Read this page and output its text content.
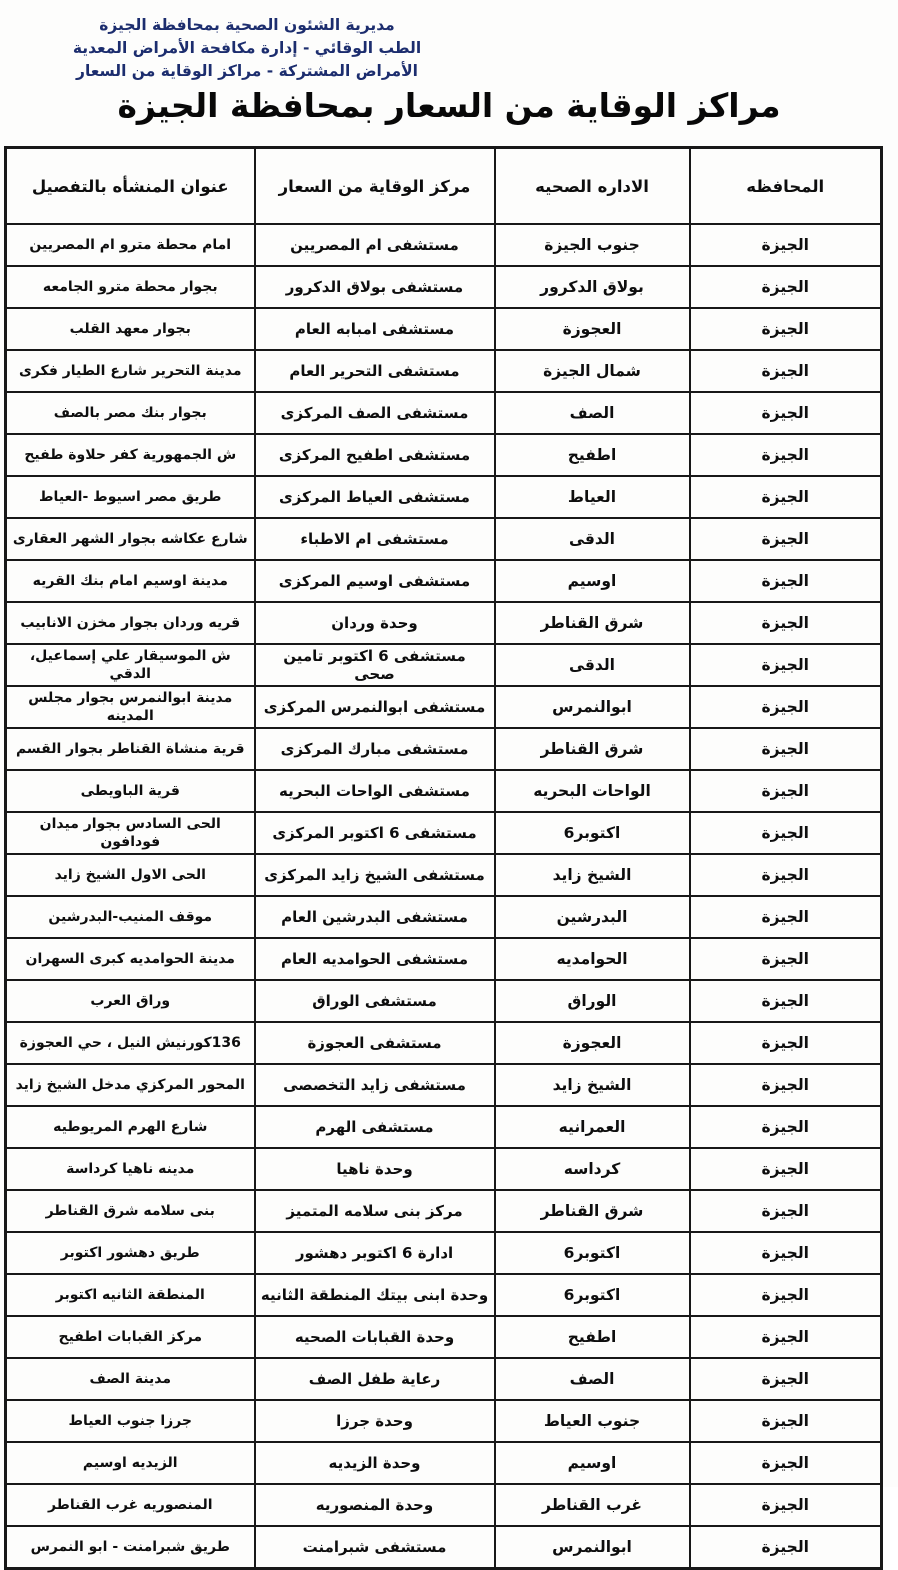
مديرية الشئون الصحية بمحافظة الجيزة
الطب الوقائي - إدارة مكافحة الأمراض المعدية
الأمراض المشتركة - مراكز الوقاية من السعار
مراكز الوقاية من السعار بمحافظة الجيزة
المحافظه	الاداره الصحيه	مركز الوقاية من السعار	عنوان المنشأه بالتفصيل
الجيزة	جنوب الجيزة	مستشفى ام المصريين	امام محطة مترو ام المصريين
الجيزة	بولاق الدكرور	مستشفى بولاق الدكرور	بجوار محطة مترو الجامعه
الجيزة	العجوزة	مستشفى امبابه العام	بجوار معهد القلب
الجيزة	شمال الجيزة	مستشفى التحرير العام	مدينة التحرير شارع الطيار فكرى
الجيزة	الصف	مستشفى الصف المركزى	بجوار بنك مصر بالصف
الجيزة	اطفيح	مستشفى اطفيح المركزى	ش الجمهورية كفر حلاوة طفيح
الجيزة	العياط	مستشفى العياط المركزى	طريق مصر اسيوط -العياط
الجيزة	الدقى	مستشفى ام الاطباء	شارع عكاشه بجوار الشهر العقارى
الجيزة	اوسيم	مستشفى اوسيم المركزى	مدينة اوسيم امام بنك القريه
الجيزة	شرق القناطر	وحدة وردان	قريه وردان بجوار مخزن الانابيب
الجيزة	الدقى	مستشفى 6 اكتوبر تامين صحى	ش الموسيقار علي إسماعيل، الدقي
الجيزة	ابوالنمرس	مستشفى ابوالنمرس المركزى	مدينة ابوالنمرس بجوار مجلس المدينه
الجيزة	شرق القناطر	مستشفى مبارك المركزى	قرية منشاة القناطر بجوار القسم
الجيزة	الواحات البحريه	مستشفى الواحات البحريه	قرية الباويطى
الجيزة	اكتوبر6	مستشفى 6 اكتوبر المركزى	الحى السادس بجوار ميدان فودافون
الجيزة	الشيخ زايد	مستشفى الشيخ زايد المركزى	الحى الاول الشيخ زايد
الجيزة	البدرشين	مستشفى البدرشين العام	موقف المنيب-البدرشين
الجيزة	الحوامديه	مستشفى الحوامديه العام	مدينة الحوامديه كبرى السهران
الجيزة	الوراق	مستشفى الوراق	وراق العرب
الجيزة	العجوزة	مستشفى العجوزة	136كورنيش النيل ، حي العجوزة
الجيزة	الشيخ زايد	مستشفى زايد التخصصى	المحور المركزي مدخل الشيخ زايد
الجيزة	العمرانيه	مستشفى الهرم	شارع الهرم المريوطيه
الجيزة	كرداسه	وحدة ناهيا	مدينه ناهيا كرداسة
الجيزة	شرق القناطر	مركز بنى سلامه المتميز	بنى سلامه شرق القناطر
الجيزة	اكتوبر6	ادارة 6 اكتوبر دهشور	طريق دهشور اكتوبر
الجيزة	اكتوبر6	وحدة ابنى بيتك المنطقة الثانيه	المنطقة الثانيه اكتوبر
الجيزة	اطفيح	وحدة القبابات الصحيه	مركز القبابات اطفيح
الجيزة	الصف	رعاية طفل الصف	مدينة الصف
الجيزة	جنوب العياط	وحدة جرزا	جرزا جنوب العياط
الجيزة	اوسيم	وحدة الزيديه	الزيديه اوسيم
الجيزة	غرب القناطر	وحدة المنصوريه	المنصوريه غرب القناطر
الجيزة	ابوالنمرس	مستشفى شبرامنت	طريق شبرامنت - ابو النمرس
